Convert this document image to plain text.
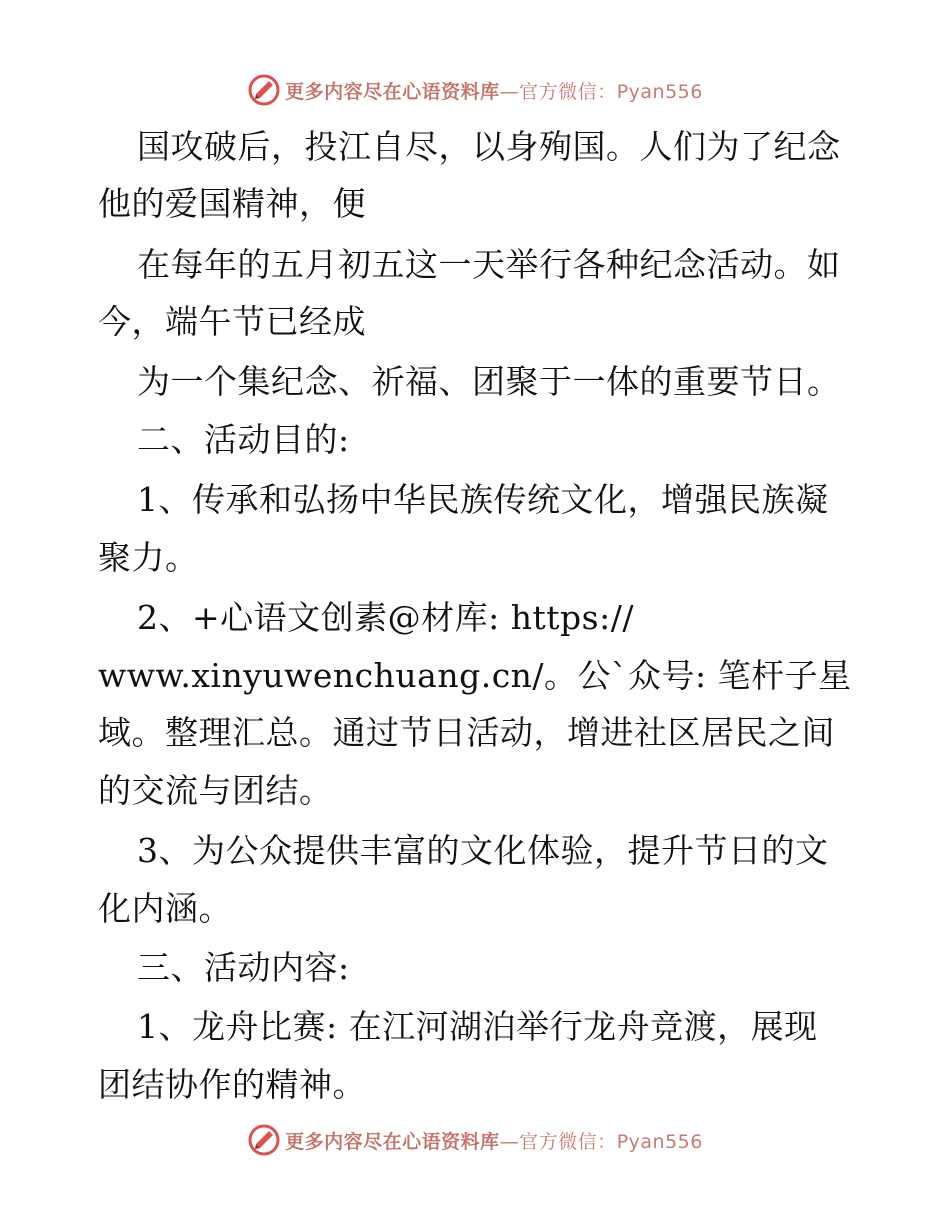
更多内容尽在心语资料库—官方微信：Pyan556
国攻破后，投江自尽，以身殉国。人们为了纪念
他的爱国精神，便
在每年的五月初五这一天举行各种纪念活动。如
今，端午节已经成
为一个集纪念、祈福、团聚于一体的重要节日。
二、活动目的:
1、传承和弘扬中华民族传统文化，增强民族凝
聚力。
2、+心语文创素@材库: https://
www.xinyuwenchuang.cn/。公`众号: 笔杆子星
域。整理汇总。通过节日活动，增进社区居民之间
的交流与团结。
3、为公众提供丰富的文化体验，提升节日的文
化内涵。
三、活动内容:
1、龙舟比赛: 在江河湖泊举行龙舟竞渡，展现
团结协作的精神。
更多内容尽在心语资料库—官方微信：Pyan556
